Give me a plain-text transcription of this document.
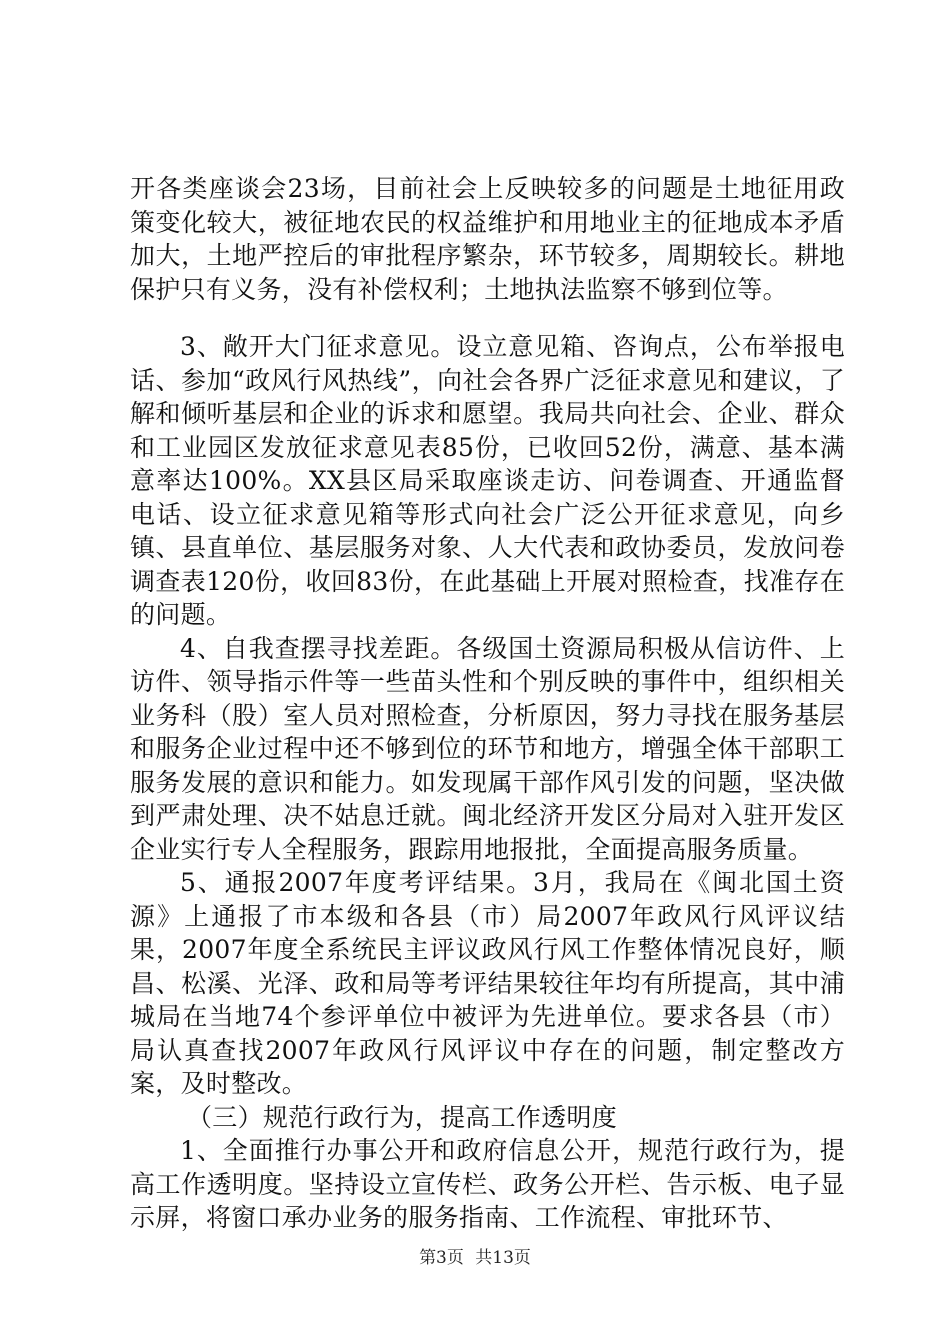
开各类座谈会23场，目前社会上反映较多的问题是土地征用政策变化较大，被征地农民的权益维护和用地业主的征地成本矛盾加大，土地严控后的审批程序繁杂，环节较多，周期较长。耕地保护只有义务，没有补偿权利；土地执法监察不够到位等。

3、敞开大门征求意见。设立意见箱、咨询点，公布举报电话、参加“政风行风热线”，向社会各界广泛征求意见和建议，了解和倾听基层和企业的诉求和愿望。我局共向社会、企业、群众和工业园区发放征求意见表85份，已收回52份，满意、基本满意率达100%。XX县区局采取座谈走访、问卷调查、开通监督电话、设立征求意见箱等形式向社会广泛公开征求意见，向乡镇、县直单位、基层服务对象、人大代表和政协委员，发放问卷调查表120份，收回83份，在此基础上开展对照检查，找准存在的问题。

4、自我查摆寻找差距。各级国土资源局积极从信访件、上访件、领导指示件等一些苗头性和个别反映的事件中，组织相关业务科（股）室人员对照检查，分析原因，努力寻找在服务基层和服务企业过程中还不够到位的环节和地方，增强全体干部职工服务发展的意识和能力。如发现属干部作风引发的问题，坚决做到严肃处理、决不姑息迁就。闽北经济开发区分局对入驻开发区企业实行专人全程服务，跟踪用地报批，全面提高服务质量。

5、通报2007年度考评结果。3月，我局在《闽北国土资源》上通报了市本级和各县（市）局2007年政风行风评议结果，2007年度全系统民主评议政风行风工作整体情况良好，顺昌、松溪、光泽、政和局等考评结果较往年均有所提高，其中浦城局在当地74个参评单位中被评为先进单位。要求各县（市）局认真查找2007年政风行风评议中存在的问题，制定整改方案，及时整改。

（三）规范行政行为，提高工作透明度

1、全面推行办事公开和政府信息公开，规范行政行为，提高工作透明度。坚持设立宣传栏、政务公开栏、告示板、电子显示屏，将窗口承办业务的服务指南、工作流程、审批环节、

第3页 共13页
